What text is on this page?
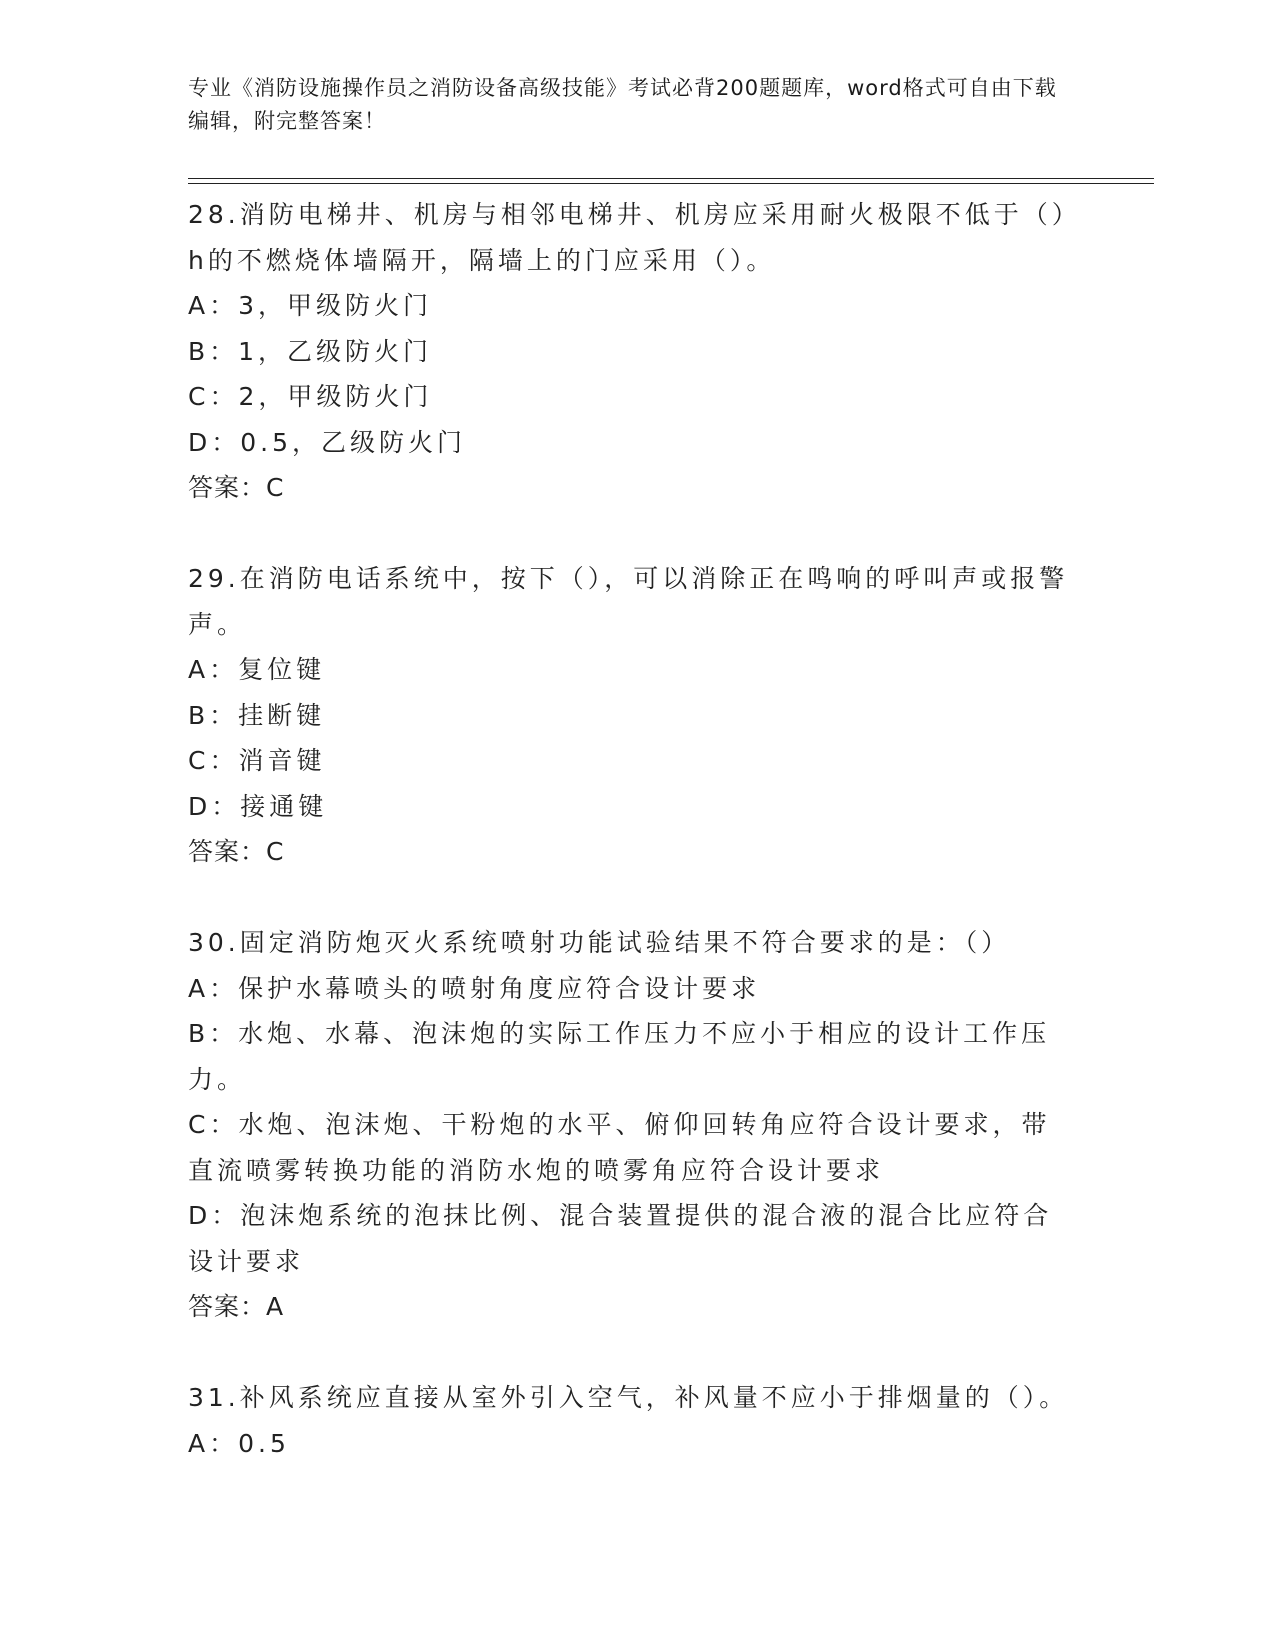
专业《消防设施操作员之消防设备高级技能》考试必背200题题库，word格式可自由下载编辑，附完整答案！

28.消防电梯井、机房与相邻电梯井、机房应采用耐火极限不低于（）h的不燃烧体墙隔开，隔墙上的门应采用（）。

A：3，甲级防火门

B：1，乙级防火门

C：2，甲级防火门

D：0.5，乙级防火门

答案：C

29.在消防电话系统中，按下（），可以消除正在鸣响的呼叫声或报警声。

A：复位键

B：挂断键

C：消音键

D：接通键

答案：C

30.固定消防炮灭火系统喷射功能试验结果不符合要求的是：（）

A：保护水幕喷头的喷射角度应符合设计要求

B：水炮、水幕、泡沫炮的实际工作压力不应小于相应的设计工作压力。

C：水炮、泡沫炮、干粉炮的水平、俯仰回转角应符合设计要求，带直流喷雾转换功能的消防水炮的喷雾角应符合设计要求

D：泡沫炮系统的泡抹比例、混合装置提供的混合液的混合比应符合设计要求

答案：A

31.补风系统应直接从室外引入空气，补风量不应小于排烟量的（）。

A：0.5
